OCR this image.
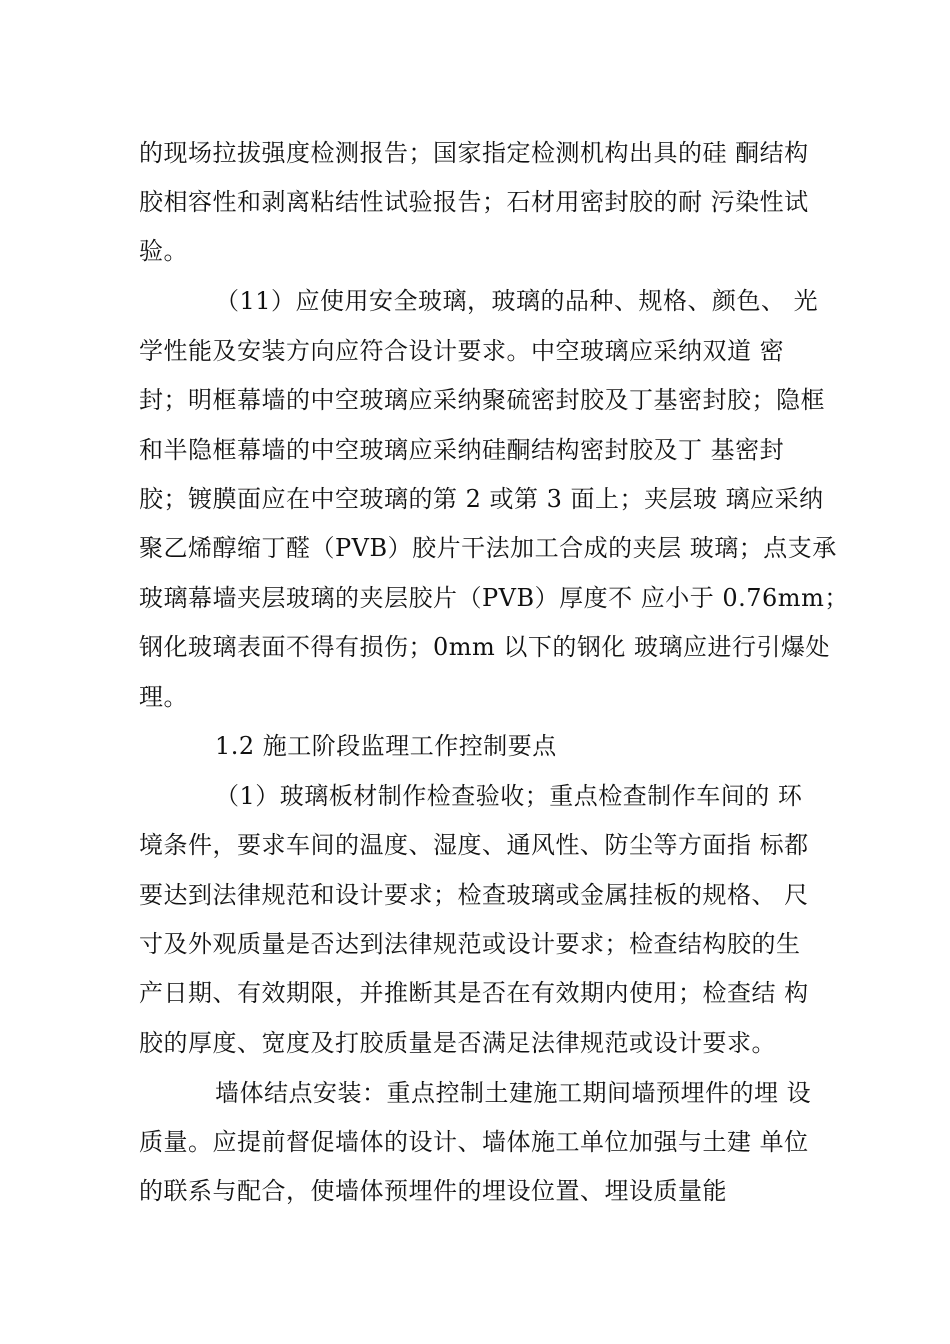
的现场拉拔强度检测报告；国家指定检测机构出具的硅 酮结构
胶相容性和剥离粘结性试验报告；石材用密封胶的耐 污染性试
验。
（11）应使用安全玻璃，玻璃的品种、规格、颜色、 光
学性能及安装方向应符合设计要求。中空玻璃应采纳双道 密
封；明框幕墙的中空玻璃应采纳聚硫密封胶及丁基密封胶；隐框
和半隐框幕墙的中空玻璃应采纳硅酮结构密封胶及丁 基密封
胶；镀膜面应在中空玻璃的第 2 或第 3 面上；夹层玻 璃应采纳
聚乙烯醇缩丁醛（PVB）胶片干法加工合成的夹层 玻璃；点支承
玻璃幕墙夹层玻璃的夹层胶片（PVB）厚度不 应小于 0.76mm；
钢化玻璃表面不得有损伤；0mm 以下的钢化 玻璃应进行引爆处
理。
1.2 施工阶段监理工作控制要点
（1）玻璃板材制作检查验收；重点检查制作车间的 环
境条件，要求车间的温度、湿度、通风性、防尘等方面指 标都
要达到法律规范和设计要求；检查玻璃或金属挂板的规格、 尺
寸及外观质量是否达到法律规范或设计要求；检查结构胶的生
产日期、有效期限，并推断其是否在有效期内使用；检查结 构
胶的厚度、宽度及打胶质量是否满足法律规范或设计要求。
墙体结点安装：重点控制土建施工期间墙预埋件的埋 设
质量。应提前督促墙体的设计、墙体施工单位加强与土建 单位
的联系与配合，使墙体预埋件的埋设位置、埋设质量能
